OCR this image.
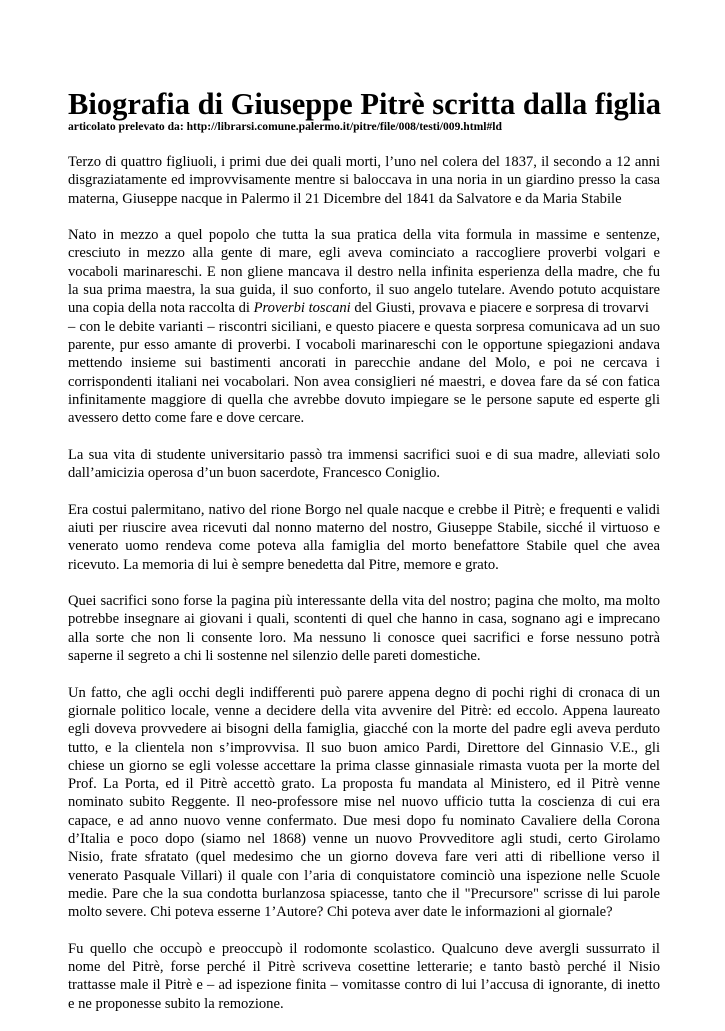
Biografia di Giuseppe Pitrè scritta dalla figlia

articolato prelevato da: http://librarsi.comune.palermo.it/pitre/file/008/testi/009.html#ld

Terzo di quattro figliuoli, i primi due dei quali morti, l’uno nel colera del 1837, il secondo a 12 anni
disgraziatamente ed improvvisamente mentre si baloccava in una noria in un giardino presso la casa
materna, Giuseppe nacque in Palermo il 21 Dicembre del 1841 da Salvatore e da Maria Stabile
Nato in mezzo a quel popolo che tutta la sua pratica della vita formula in massime e sentenze,
cresciuto in mezzo alla gente di mare, egli aveva cominciato a raccogliere proverbi volgari e
vocaboli marinareschi. E non gliene mancava il destro nella infinita esperienza della madre, che fu
la sua prima maestra, la sua guida, il suo conforto, il suo angelo tutelare. Avendo potuto acquistare
una copia della nota raccolta di Proverbi toscani del Giusti, provava e piacere e sorpresa di trovarvi
– con le debite varianti – riscontri siciliani, e questo piacere e questa sorpresa comunicava ad un suo
parente, pur esso amante di proverbi. I vocaboli marinareschi con le opportune spiegazioni andava
mettendo insieme sui bastimenti ancorati in parecchie andane del Molo, e poi ne cercava i
corrispondenti italiani nei vocabolari. Non avea consiglieri né maestri, e dovea fare da sé con fatica
infinitamente maggiore di quella che avrebbe dovuto impiegare se le persone sapute ed esperte gli
avessero detto come fare e dove cercare.
La sua vita di studente universitario passò tra immensi sacrifici suoi e di sua madre, alleviati solo
dall’amicizia operosa d’un buon sacerdote, Francesco Coniglio.
Era costui palermitano, nativo del rione Borgo nel quale nacque e crebbe il Pitrè; e frequenti e validi
aiuti per riuscire avea ricevuti dal nonno materno del nostro, Giuseppe Stabile, sicché il virtuoso e
venerato uomo rendeva come poteva alla famiglia del morto benefattore Stabile quel che avea
ricevuto. La memoria di lui è sempre benedetta dal Pitre, memore e grato.
Quei sacrifici sono forse la pagina più interessante della vita del nostro; pagina che molto, ma molto
potrebbe insegnare ai giovani i quali, scontenti di quel che hanno in casa, sognano agi e imprecano
alla sorte che non li consente loro. Ma nessuno li conosce quei sacrifici e forse nessuno potrà
saperne il segreto a chi li sostenne nel silenzio delle pareti domestiche.
Un fatto, che agli occhi degli indifferenti può parere appena degno di pochi righi di cronaca di un
giornale politico locale, venne a decidere della vita avvenire del Pitrè: ed eccolo. Appena laureato
egli doveva provvedere ai bisogni della famiglia, giacché con la morte del padre egli aveva perduto
tutto, e la clientela non s’improvvisa. Il suo buon amico Pardi, Direttore del Ginnasio V.E., gli
chiese un giorno se egli volesse accettare la prima classe ginnasiale rimasta vuota per la morte del
Prof. La Porta, ed il Pitrè accettò grato. La proposta fu mandata al Ministero, ed il Pitrè venne
nominato subito Reggente. Il neo-professore mise nel nuovo ufficio tutta la coscienza di cui era
capace, e ad anno nuovo venne confermato. Due mesi dopo fu nominato Cavaliere della Corona
d’Italia e poco dopo (siamo nel 1868) venne un nuovo Provveditore agli studi, certo Girolamo
Nisio, frate sfratato (quel medesimo che un giorno doveva fare veri atti di ribellione verso il
venerato Pasquale Villari) il quale con l’aria di conquistatore cominciò una ispezione nelle Scuole
medie. Pare che la sua condotta burlanzosa spiacesse, tanto che il "Precursore" scrisse di lui parole
molto severe. Chi poteva esserne 1’Autore? Chi poteva aver date le informazioni al giornale?
Fu quello che occupò e preoccupò il rodomonte scolastico. Qualcuno deve avergli sussurrato il
nome del Pitrè, forse perché il Pitrè scriveva cosettine letterarie; e tanto bastò perché il Nisio
trattasse male il Pitrè e – ad ispezione finita – vomitasse contro di lui l’accusa di ignorante, di inetto
e ne proponesse subito la remozione.
